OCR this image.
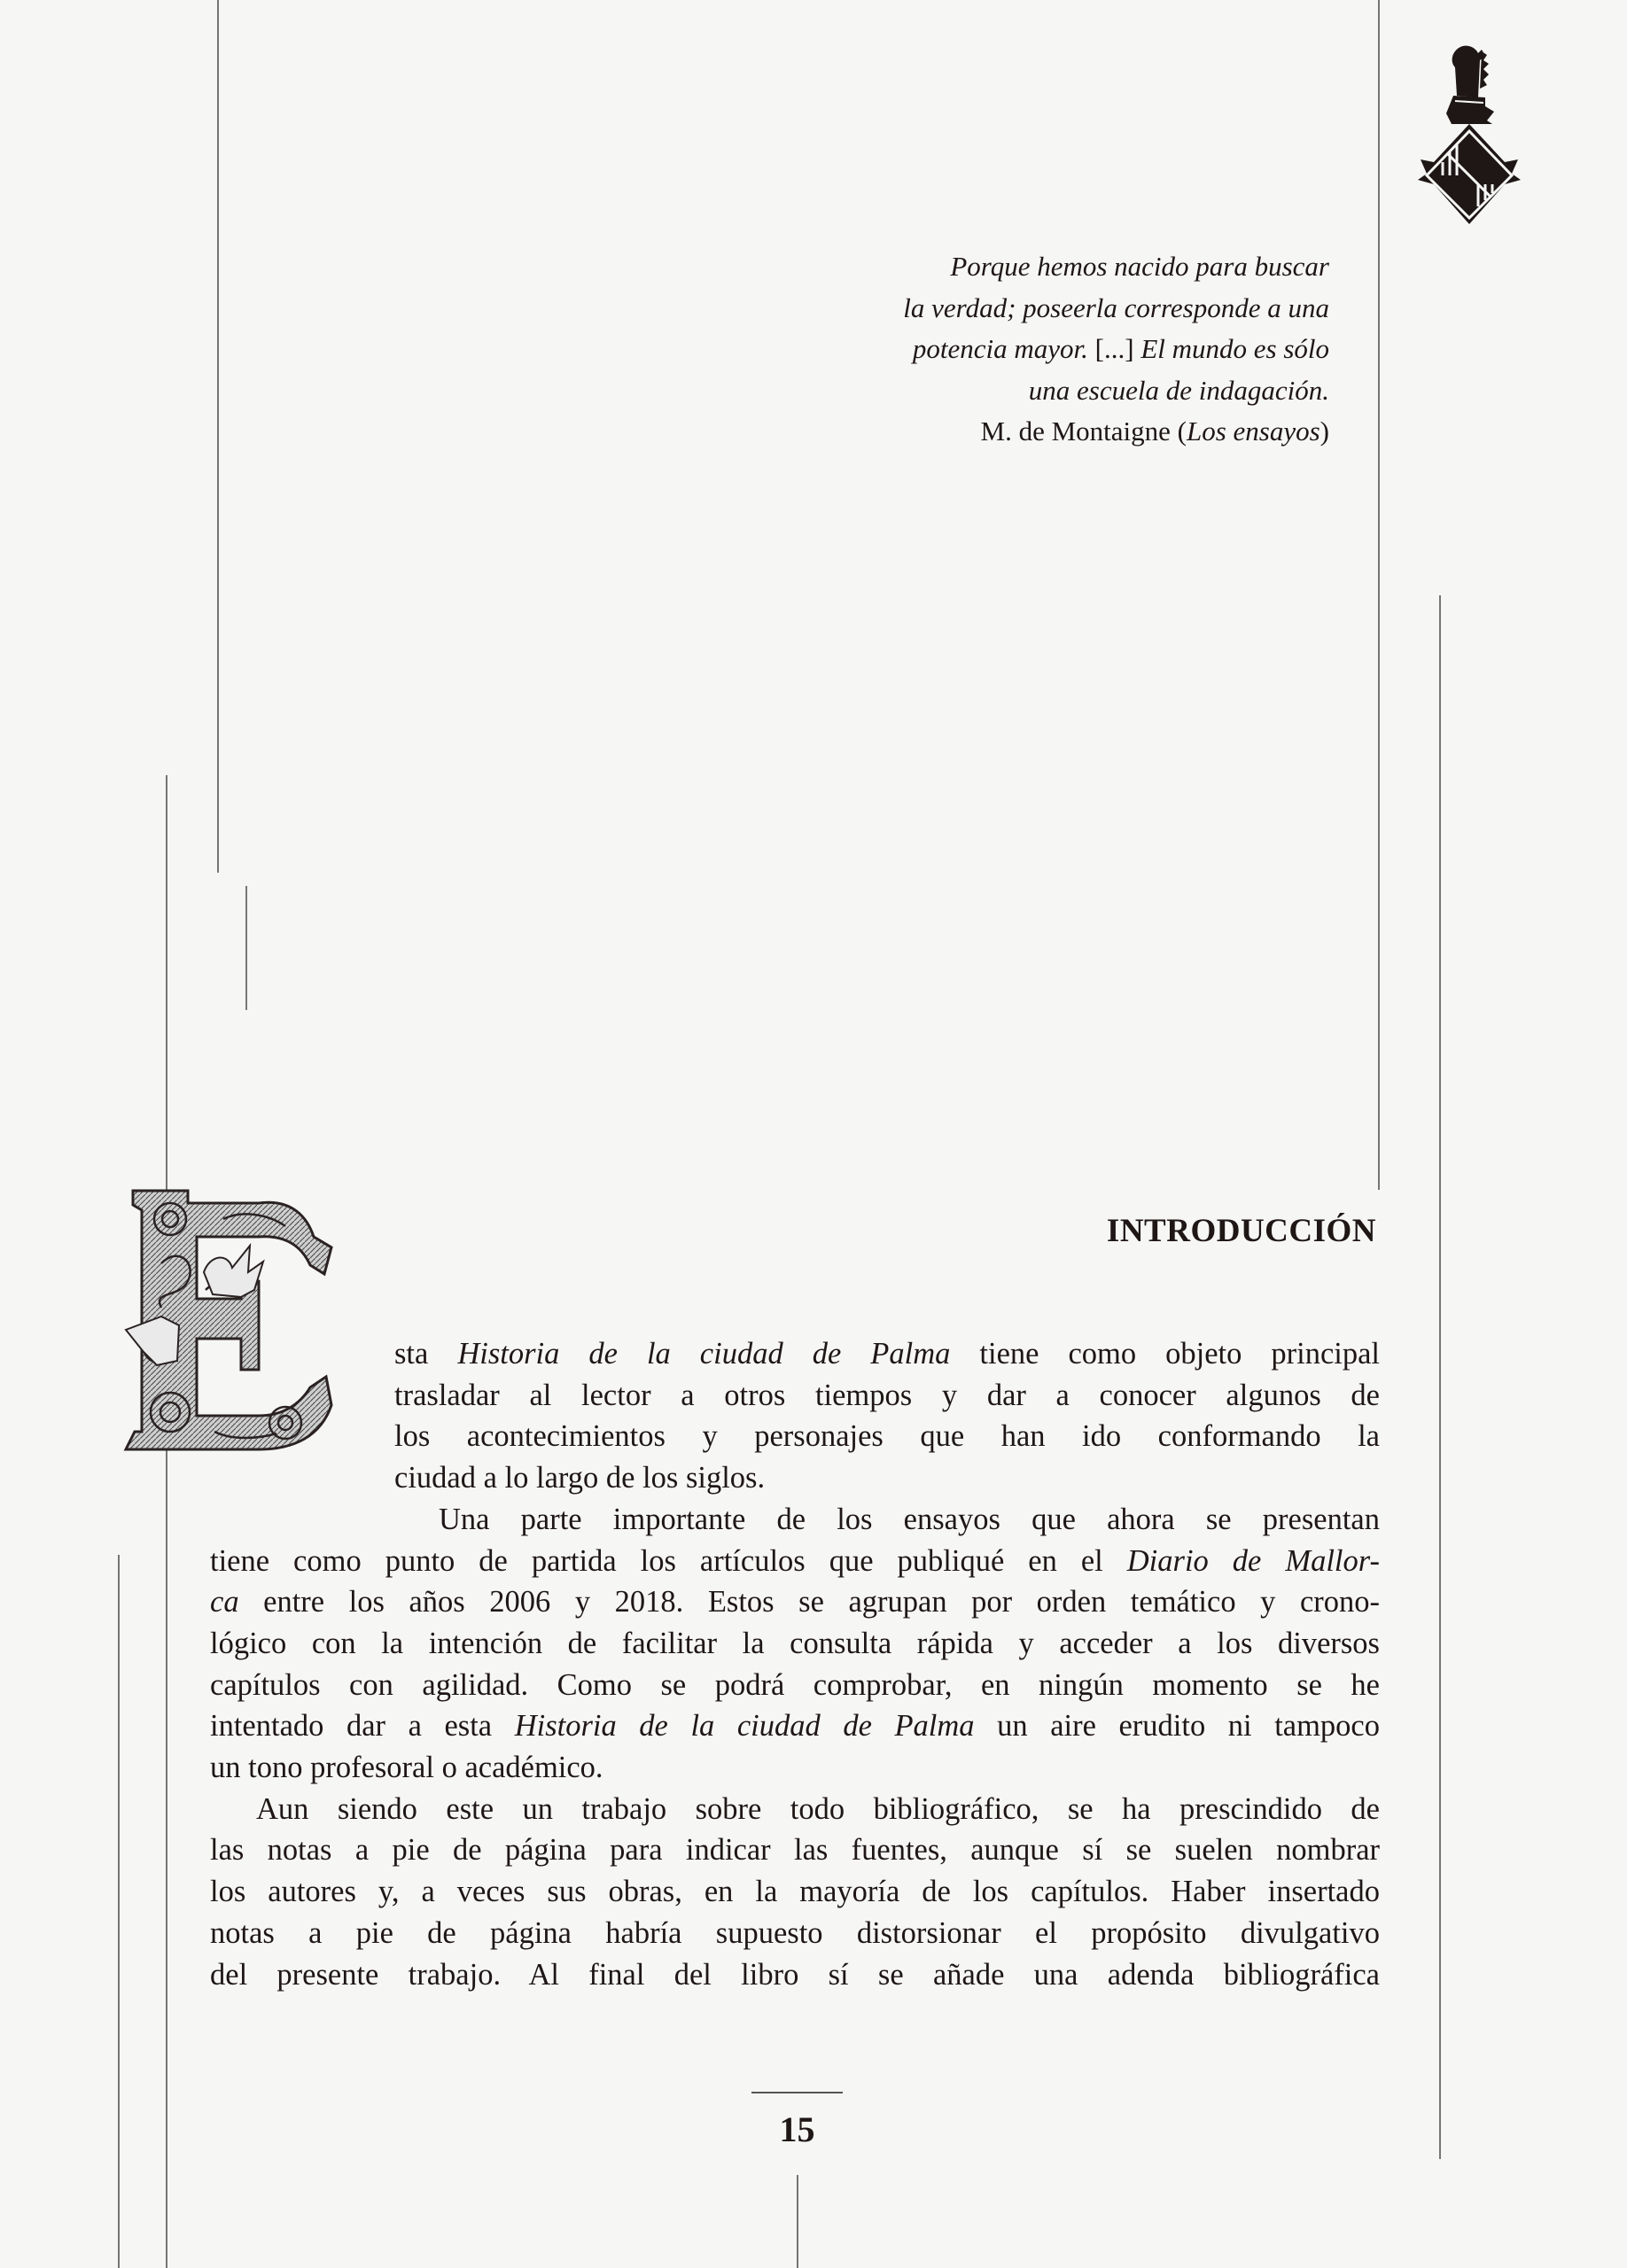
Porque hemos nacido para buscar
la verdad; poseerla corresponde a una
potencia mayor. [...] El mundo es sólo
una escuela de indagación.
M. de Montaigne (Los ensayos)
INTRODUCCIÓN

sta Historia de la ciudad de Palma tiene como objeto principal
trasladar al lector a otros tiempos y dar a conocer algunos de
los acontecimientos y personajes que han ido conformando la
ciudad a lo largo de los siglos.

Una parte importante de los ensayos que ahora se presentan
tiene como punto de partida los artículos que publiqué en el Diario de Mallor-
ca entre los años 2006 y 2018. Estos se agrupan por orden temático y crono-
lógico con la intención de facilitar la consulta rápida y acceder a los diversos
capítulos con agilidad. Como se podrá comprobar, en ningún momento se he
intentado dar a esta Historia de la ciudad de Palma un aire erudito ni tampoco
un tono profesoral o académico.

Aun siendo este un trabajo sobre todo bibliográfico, se ha prescindido de
las notas a pie de página para indicar las fuentes, aunque sí se suelen nombrar
los autores y, a veces sus obras, en la mayoría de los capítulos. Haber insertado
notas a pie de página habría supuesto distorsionar el propósito divulgativo
del presente trabajo. Al final del libro sí se añade una adenda bibliográfica

15
